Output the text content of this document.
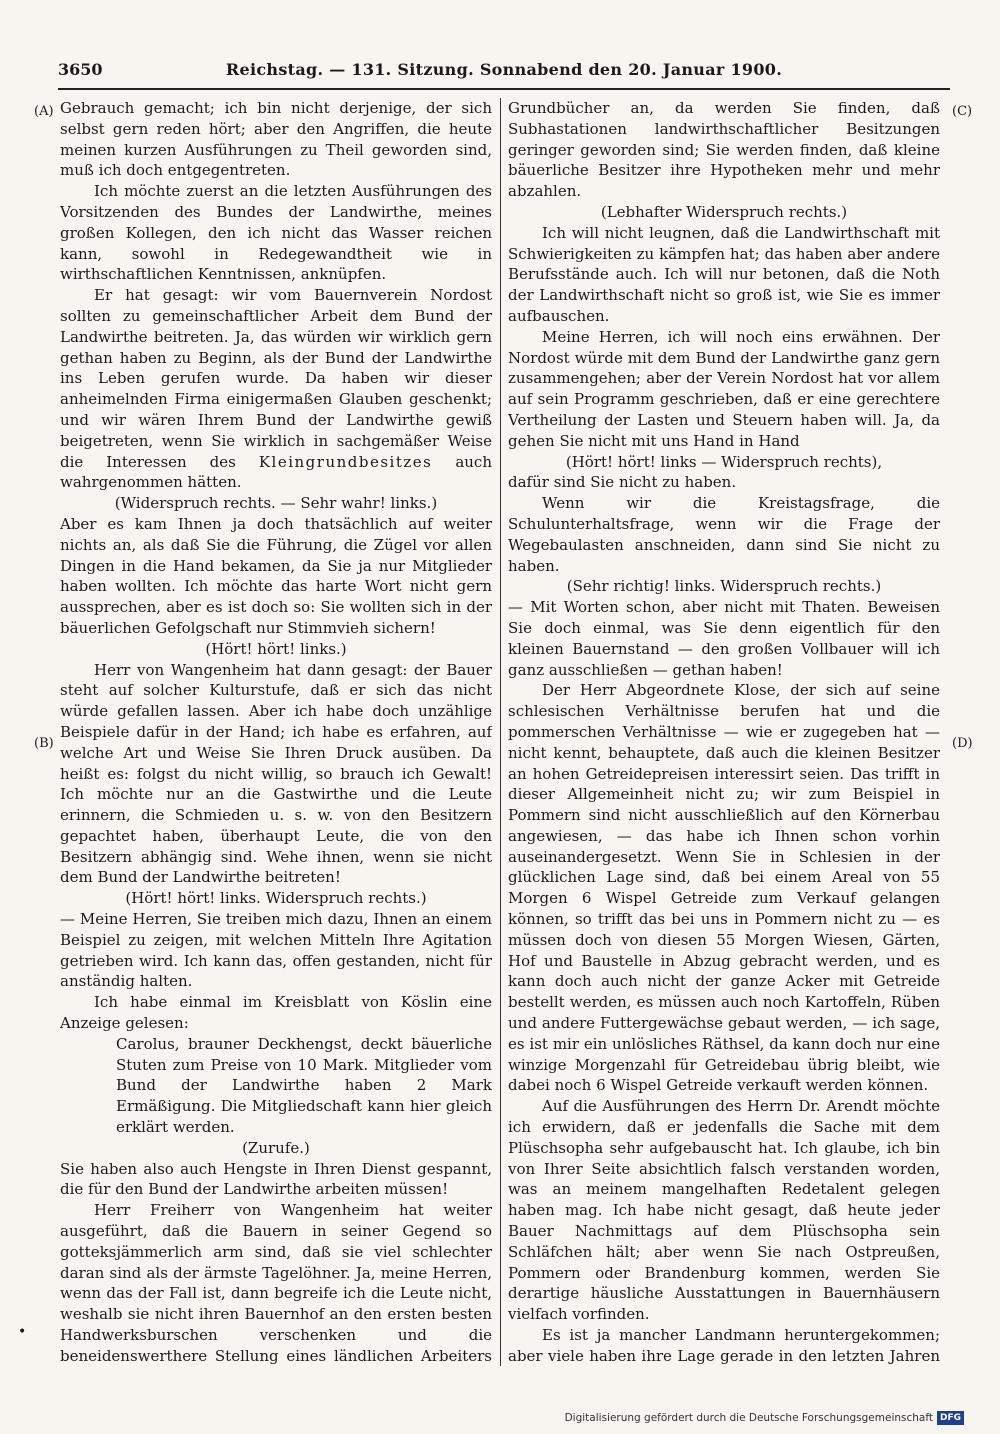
3650	Reichstag. — 131. Sitzung. Sonnabend den 20. Januar 1900.
(A)
(B)
(C)
(D)
•

Gebrauch gemacht; ich bin nicht derjenige, der sich selbst gern reden hört; aber den Angriffen, die heute meinen kurzen Ausführungen zu Theil geworden sind, muß ich doch entgegentreten.

Ich möchte zuerst an die letzten Ausführungen des Vorsitzenden des Bundes der Landwirthe, meines großen Kollegen, den ich nicht das Wasser reichen kann, sowohl in Redegewandtheit wie in wirthschaftlichen Kenntnissen, anknüpfen.

Er hat gesagt: wir vom Bauernverein Nordost sollten zu gemeinschaftlicher Arbeit dem Bund der Landwirthe beitreten. Ja, das würden wir wirklich gern gethan haben zu Beginn, als der Bund der Landwirthe ins Leben gerufen wurde. Da haben wir dieser anheimelnden Firma einigermaßen Glauben geschenkt; und wir wären Ihrem Bund der Landwirthe gewiß beigetreten, wenn Sie wirklich in sachgemäßer Weise die Interessen des Kleingrundbesitzes auch wahrgenommen hätten.

(Widerspruch rechts. — Sehr wahr! links.)

Aber es kam Ihnen ja doch thatsächlich auf weiter nichts an, als daß Sie die Führung, die Zügel vor allen Dingen in die Hand bekamen, da Sie ja nur Mitglieder haben wollten. Ich möchte das harte Wort nicht gern aussprechen, aber es ist doch so: Sie wollten sich in der bäuerlichen Gefolgschaft nur Stimmvieh sichern!

(Hört! hört! links.)

Herr von Wangenheim hat dann gesagt: der Bauer steht auf solcher Kulturstufe, daß er sich das nicht würde gefallen lassen. Aber ich habe doch unzählige Beispiele dafür in der Hand; ich habe es erfahren, auf welche Art und Weise Sie Ihren Druck ausüben. Da heißt es: folgst du nicht willig, so brauch ich Gewalt! Ich möchte nur an die Gastwirthe und die Leute erinnern, die Schmieden u. s. w. von den Besitzern gepachtet haben, überhaupt Leute, die von den Besitzern abhängig sind. Wehe ihnen, wenn sie nicht dem Bund der Landwirthe beitreten!

(Hört! hört! links. Widerspruch rechts.)

— Meine Herren, Sie treiben mich dazu, Ihnen an einem Beispiel zu zeigen, mit welchen Mitteln Ihre Agitation getrieben wird. Ich kann das, offen gestanden, nicht für anständig halten.

Ich habe einmal im Kreisblatt von Köslin eine Anzeige gelesen:

Carolus, brauner Deckhengst, deckt bäuerliche Stuten zum Preise von 10 Mark. Mitglieder vom Bund der Landwirthe haben 2 Mark Ermäßigung. Die Mitgliedschaft kann hier gleich erklärt werden.

(Zurufe.)

Sie haben also auch Hengste in Ihren Dienst gespannt, die für den Bund der Landwirthe arbeiten müssen!

Herr Freiherr von Wangenheim hat weiter ausgeführt, daß die Bauern in seiner Gegend so gotteksjämmerlich arm sind, daß sie viel schlechter daran sind als der ärmste Tagelöhner. Ja, meine Herren, wenn das der Fall ist, dann begreife ich die Leute nicht, weshalb sie nicht ihren Bauernhof an den ersten besten Handwerksburschen verschenken und die beneidenswerthere Stellung eines ländlichen Arbeiters

Grundbücher an, da werden Sie finden, daß Subhastationen landwirthschaftlicher Besitzungen geringer geworden sind; Sie werden finden, daß kleine bäuerliche Besitzer ihre Hypotheken mehr und mehr abzahlen.

(Lebhafter Widerspruch rechts.)

Ich will nicht leugnen, daß die Landwirthschaft mit Schwierigkeiten zu kämpfen hat; das haben aber andere Berufsstände auch. Ich will nur betonen, daß die Noth der Landwirthschaft nicht so groß ist, wie Sie es immer aufbauschen.

Meine Herren, ich will noch eins erwähnen. Der Nordost würde mit dem Bund der Landwirthe ganz gern zusammengehen; aber der Verein Nordost hat vor allem auf sein Programm geschrieben, daß er eine gerechtere Vertheilung der Lasten und Steuern haben will. Ja, da gehen Sie nicht mit uns Hand in Hand

(Hört! hört! links — Widerspruch rechts),

dafür sind Sie nicht zu haben.

Wenn wir die Kreistagsfrage, die Schulunterhaltsfrage, wenn wir die Frage der Wegebaulasten anschneiden, dann sind Sie nicht zu haben.

(Sehr richtig! links. Widerspruch rechts.)

— Mit Worten schon, aber nicht mit Thaten. Beweisen Sie doch einmal, was Sie denn eigentlich für den kleinen Bauernstand — den großen Vollbauer will ich ganz ausschließen — gethan haben!

Der Herr Abgeordnete Klose, der sich auf seine schlesischen Verhältnisse berufen hat und die pommerschen Verhältnisse — wie er zugegeben hat — nicht kennt, behauptete, daß auch die kleinen Besitzer an hohen Getreidepreisen interessirt seien. Das trifft in dieser Allgemeinheit nicht zu; wir zum Beispiel in Pommern sind nicht ausschließlich auf den Körnerbau angewiesen, — das habe ich Ihnen schon vorhin auseinandergesetzt. Wenn Sie in Schlesien in der glücklichen Lage sind, daß bei einem Areal von 55 Morgen 6 Wispel Getreide zum Verkauf gelangen können, so trifft das bei uns in Pommern nicht zu — es müssen doch von diesen 55 Morgen Wiesen, Gärten, Hof und Baustelle in Abzug gebracht werden, und es kann doch auch nicht der ganze Acker mit Getreide bestellt werden, es müssen auch noch Kartoffeln, Rüben und andere Futtergewächse gebaut werden, — ich sage, es ist mir ein unlösliches Räthsel, da kann doch nur eine winzige Morgenzahl für Getreidebau übrig bleibt, wie dabei noch 6 Wispel Getreide verkauft werden können.

Auf die Ausführungen des Herrn Dr. Arendt möchte ich erwidern, daß er jedenfalls die Sache mit dem Plüschsopha sehr aufgebauscht hat. Ich glaube, ich bin von Ihrer Seite absichtlich falsch verstanden worden, was an meinem mangelhaften Redetalent gelegen haben mag. Ich habe nicht gesagt, daß heute jeder Bauer Nachmittags auf dem Plüschsopha sein Schläfchen hält; aber wenn Sie nach Ostpreußen, Pommern oder Brandenburg kommen, werden Sie derartige häusliche Ausstattungen in Bauernhäusern vielfach vorfinden.

Es ist ja mancher Landmann heruntergekommen; aber viele haben ihre Lage gerade in den letzten Jahren

Digitalisierung gefördert durch die Deutsche Forschungsgemeinschaft DFG
